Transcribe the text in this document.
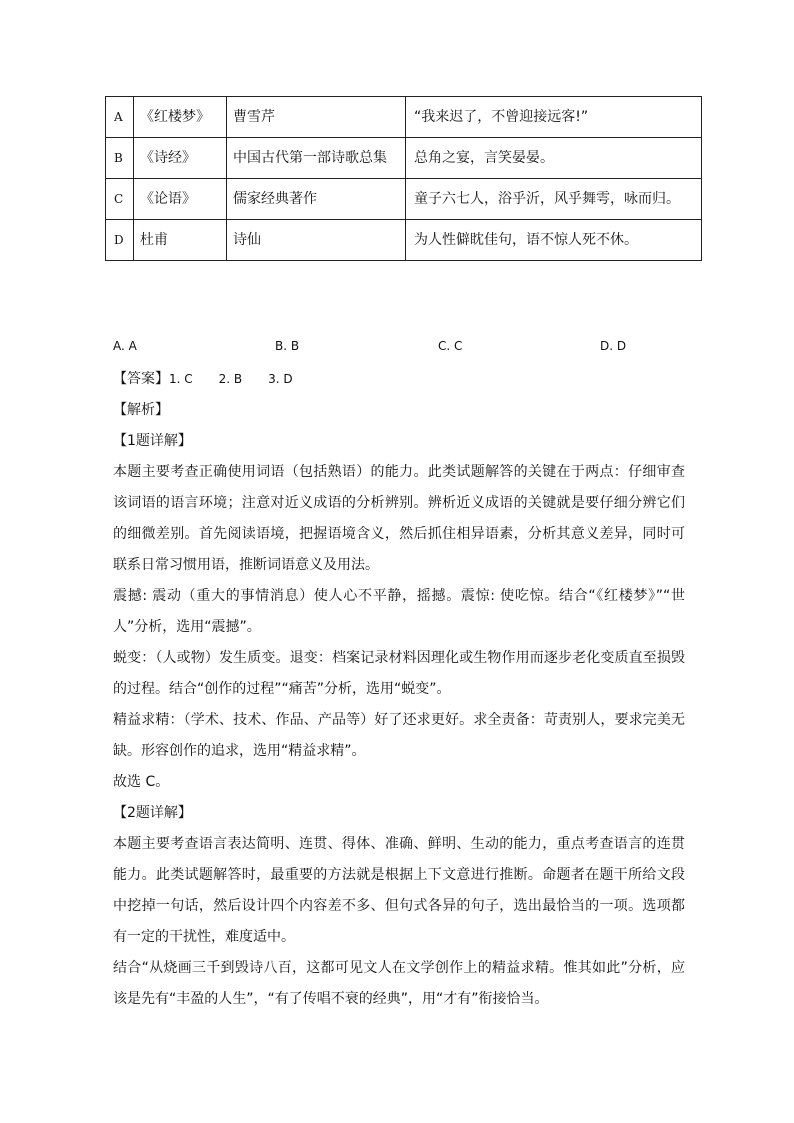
A	《红楼梦》	曹雪芹	“我来迟了，不曾迎接远客!”
B	《诗经》	中国古代第一部诗歌总集	总角之宴，言笑晏晏。
C	《论语》	儒家经典著作	童子六七人，浴乎沂，风乎舞雩，咏而归。
D	杜甫	诗仙	为人性僻眈佳句，语不惊人死不休。
A. A	B. B	C. C	D. D

【答案】 1. C 2. B 3. D

【解析】

【1题详解】

本题主要考查正确使用词语（包括熟语）的能力。此类试题解答的关键在于两点：仔细审查该词语的语言环境；注意对近义成语的分析辨别。辨析近义成语的关键就是要仔细分辨它们的细微差别。首先阅读语境，把握语境含义，然后抓住相异语素，分析其意义差异，同时可联系日常习惯用语，推断词语意义及用法。

震撼: 震动（重大的事情消息）使人心不平静，摇撼。震惊: 使吃惊。结合“《红楼梦》”“世人”分析，选用“震撼”。

蜕变：（人或物）发生质变。退变：档案记录材料因理化或生物作用而逐步老化变质直至损毁的过程。结合“创作的过程”“痛苦”分析，选用“蜕变”。

精益求精：（学术、技术、作品、产品等）好了还求更好。求全责备：苛责别人，要求完美无缺。形容创作的追求，选用“精益求精”。

故选 C。

【2题详解】

本题主要考查语言表达简明、连贯、得体、准确、鲜明、生动的能力，重点考查语言的连贯能力。此类试题解答时，最重要的方法就是根据上下文意进行推断。命题者在题干所给文段中挖掉一句话，然后设计四个内容差不多、但句式各异的句子，选出最恰当的一项。选项都有一定的干扰性，难度适中。

结合“从烧画三千到毁诗八百，这都可见文人在文学创作上的精益求精。惟其如此”分析，应该是先有“丰盈的人生”，“有了传唱不衰的经典”，用“才有”衔接恰当。
